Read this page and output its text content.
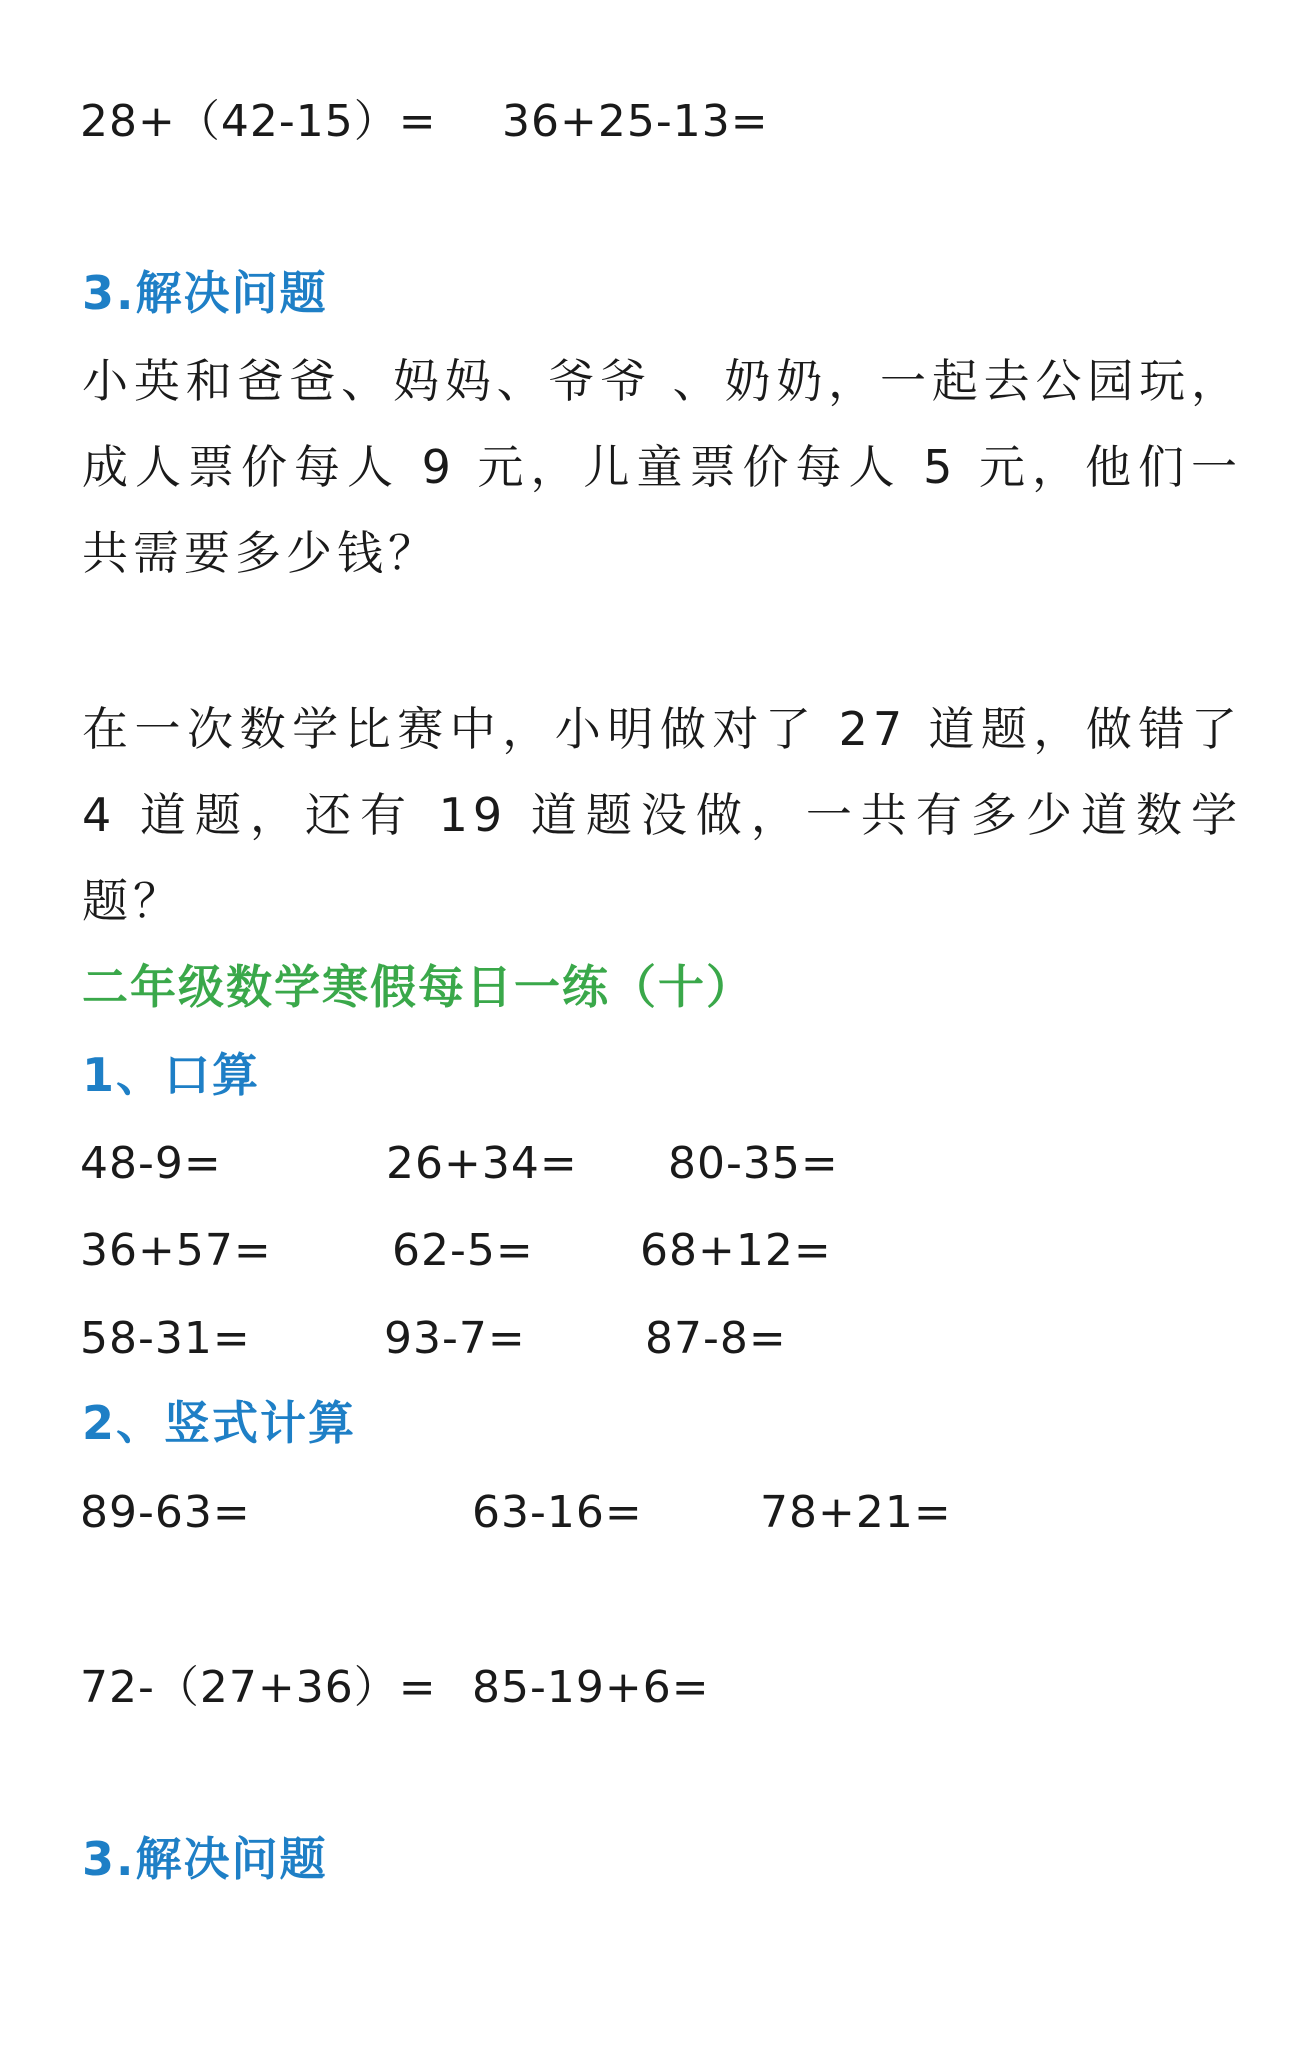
28+（42-15）= 36+25-13=
3.解决问题
小英和爸爸、妈妈、爷爷 、奶奶，一起去公园玩，成人票价每人 9 元，儿童票价每人 5 元，他们一共需要多少钱？
在一次数学比赛中，小明做对了 27 道题，做错了 4 道题，还有 19 道题没做，一共有多少道数学题？
二年级数学寒假每日一练（十）
1、口算
48-9=	26+34= 80-35=
36+57=	62-5= 68+12=
58-31=	93-7=	87-8=
2、竖式计算
89-63=	63-16=	78+21=
72-（27+36）= 85-19+6=
3.解决问题
